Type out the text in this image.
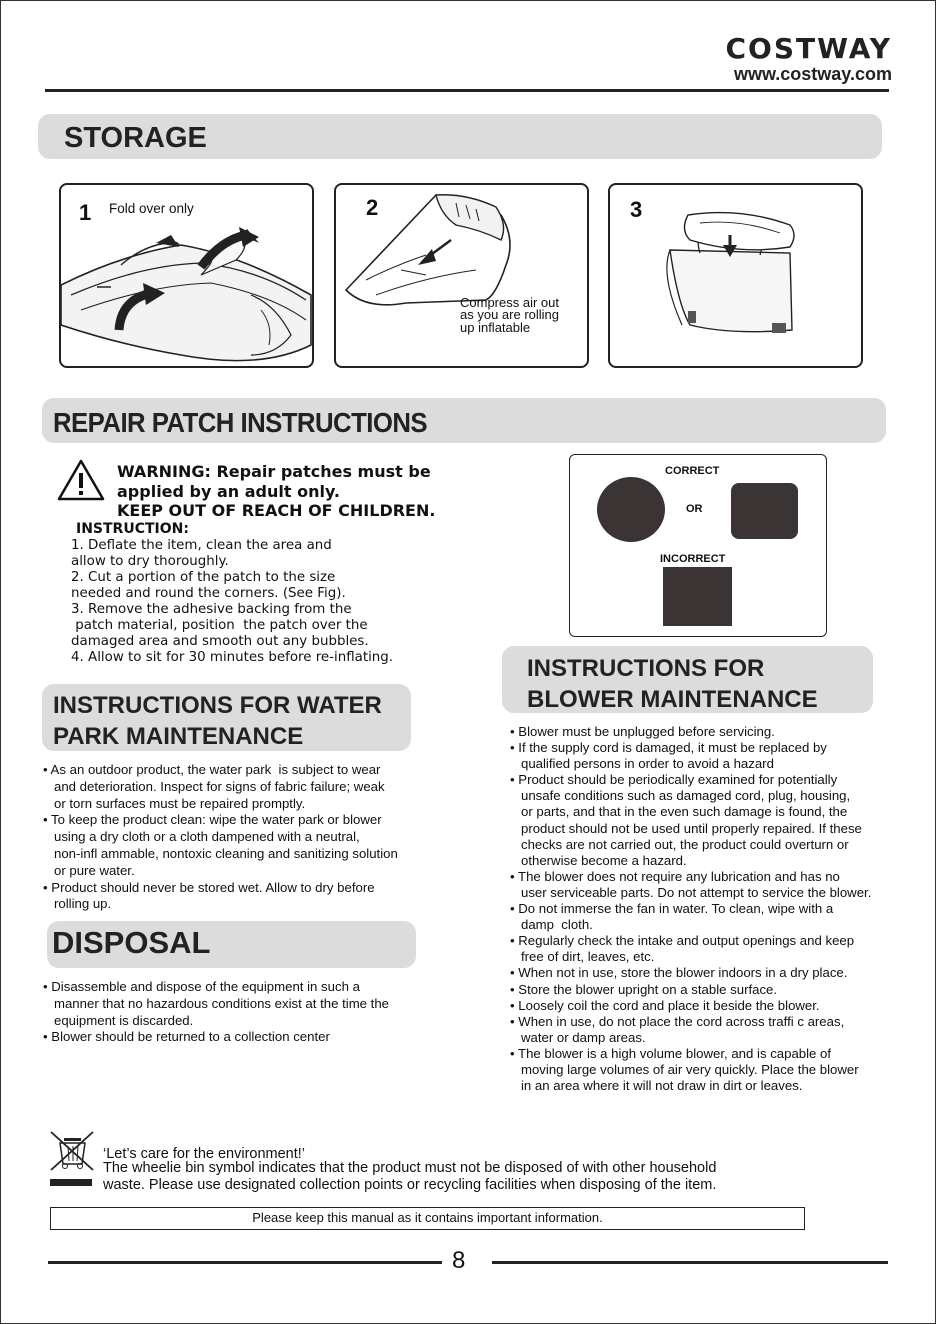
COSTWAY
www.costway.com
STORAGE
1 Fold over only	2
Compress air out
as you are rolling
up inflatable
3
REPAIR PATCH INSTRUCTIONS
WARNING: Repair patches must be
applied by an adult only.
KEEP OUT OF REACH OF CHILDREN.
INSTRUCTION:
1. Deflate the item, clean the area and
allow to dry thoroughly.
2. Cut a portion of the patch to the size
needed and round the corners. (See Fig).
3. Remove the adhesive backing from the
patch material, position  the patch over the
damaged area and smooth out any bubbles.
4. Allow to sit for 30 minutes before re-inflating.
CORRECT
OR
INCORRECT
INSTRUCTIONS FOR
BLOWER MAINTENANCE

• Blower must be unplugged before servicing.

• If the supply cord is damaged, it must be replaced by

qualified persons in order to avoid a hazard

• Product should be periodically examined for potentially

unsafe conditions such as damaged cord, plug, housing,

or parts, and that in the even such damage is found, the

product should not be used until properly repaired. If these

checks are not carried out, the product could overturn or

otherwise become a hazard.

• The blower does not require any lubrication and has no

user serviceable parts. Do not attempt to service the blower.

• Do not immerse the fan in water. To clean, wipe with a

damp  cloth.

• Regularly check the intake and output openings and keep

free of dirt, leaves, etc.

• When not in use, store the blower indoors in a dry place.

• Store the blower upright on a stable surface.

• Loosely coil the cord and place it beside the blower.

• When in use, do not place the cord across traffi c areas,

water or damp areas.

• The blower is a high volume blower, and is capable of

moving large volumes of air very quickly. Place the blower

in an area where it will not draw in dirt or leaves.

INSTRUCTIONS FOR WATER
PARK MAINTENANCE

• As an outdoor product, the water park  is subject to wear

and deterioration. Inspect for signs of fabric failure; weak

or torn surfaces must be repaired promptly.

• To keep the product clean: wipe the water park or blower

using a dry cloth or a cloth dampened with a neutral,

non-infl ammable, nontoxic cleaning and sanitizing solution

or pure water.

• Product should never be stored wet. Allow to dry before

rolling up.

DISPOSAL

• Disassemble and dispose of the equipment in such a

manner that no hazardous conditions exist at the time the

equipment is discarded.

• Blower should be returned to a collection center

‘Let’s care for the environment!’
The wheelie bin symbol indicates that the product must not be disposed of with other household
waste. Please use designated collection points or recycling facilities when disposing of the item.
Please keep this manual as it contains important information.
8
